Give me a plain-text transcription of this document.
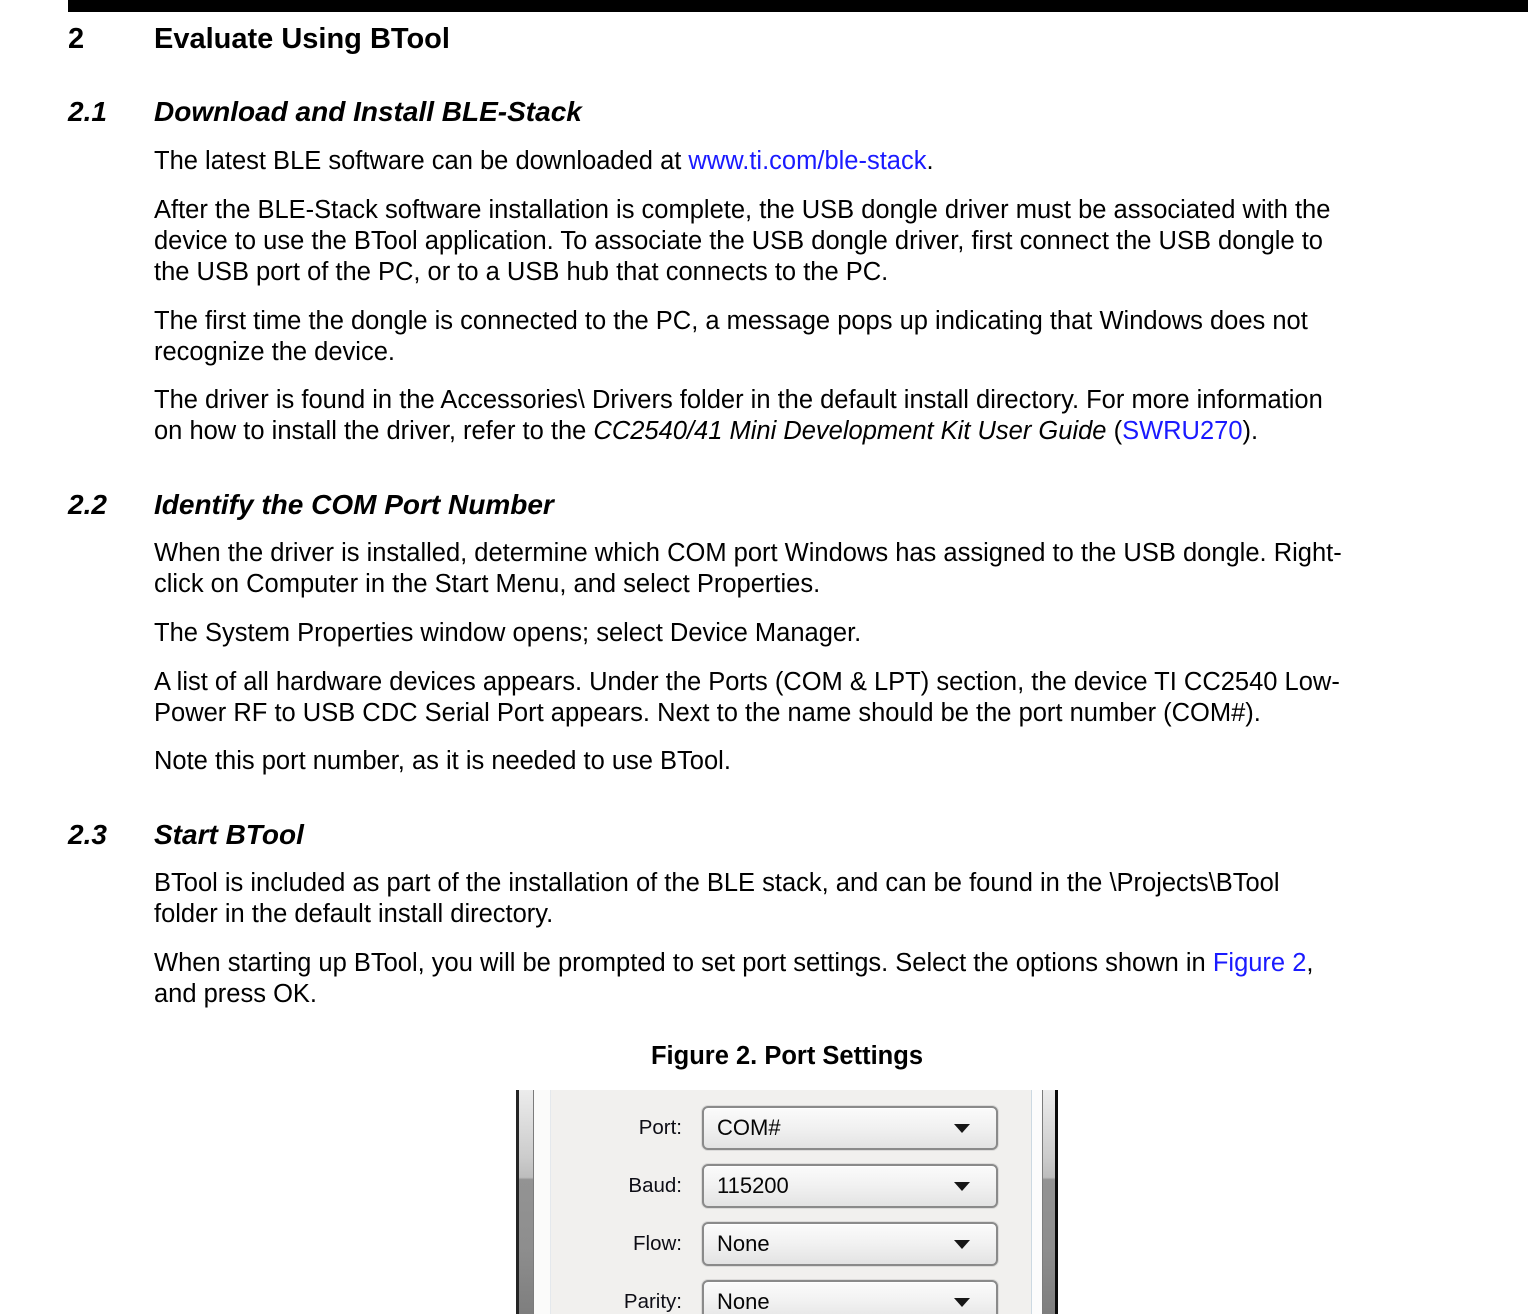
2 Evaluate Using BTool
2.1 Download and Install BLE-Stack
The latest BLE software can be downloaded at www.ti.com/ble-stack.
After the BLE-Stack software installation is complete, the USB dongle driver must be associated with the
device to use the BTool application. To associate the USB dongle driver, first connect the USB dongle to
the USB port of the PC, or to a USB hub that connects to the PC.
The first time the dongle is connected to the PC, a message pops up indicating that Windows does not
recognize the device.
The driver is found in the Accessories\ Drivers folder in the default install directory. For more information
on how to install the driver, refer to the CC2540/41 Mini Development Kit User Guide (SWRU270).
2.2 Identify the COM Port Number
When the driver is installed, determine which COM port Windows has assigned to the USB dongle. Right-
click on Computer in the Start Menu, and select Properties.
The System Properties window opens; select Device Manager.
A list of all hardware devices appears. Under the Ports (COM & LPT) section, the device TI CC2540 Low-
Power RF to USB CDC Serial Port appears. Next to the name should be the port number (COM#).
Note this port number, as it is needed to use BTool.
2.3 Start BTool
BTool is included as part of the installation of the BLE stack, and can be found in the \Projects\BTool
folder in the default install directory.
When starting up BTool, you will be prompted to set port settings. Select the options shown in Figure 2,
and press OK.
Figure 2. Port Settings
Port: COM#
Baud: 115200
Flow: None
Parity: None
